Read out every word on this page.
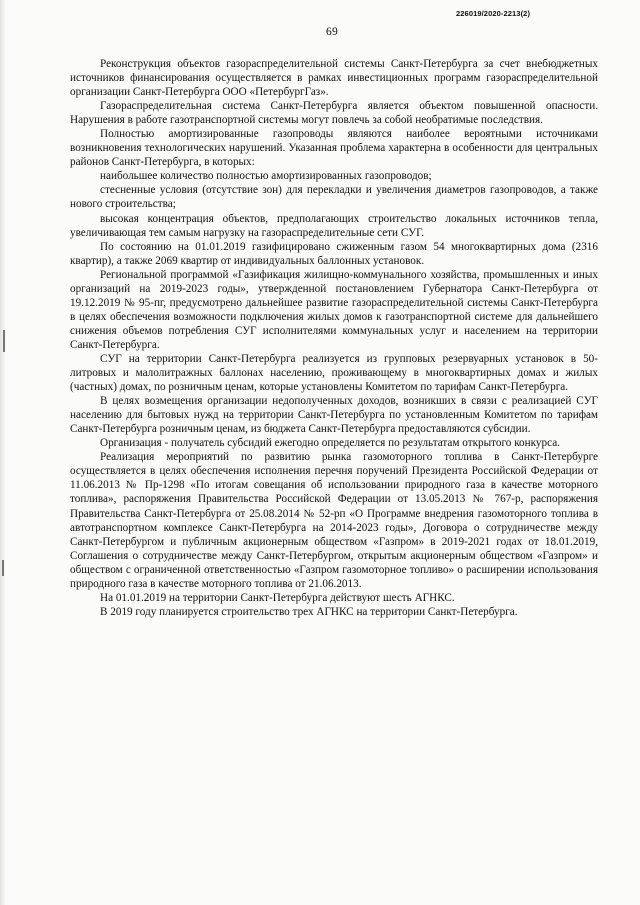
226019/2020-2213(2)
69

Реконструкция объектов газораспределительной системы Санкт-Петербурга за счет внебюджетных источников финансирования осуществляется в рамках инвестиционных программ газораспределительной организации Санкт-Петербурга ООО «ПетербургГаз».

Газораспределительная система Санкт-Петербурга является объектом повышенной опасности. Нарушения в работе газотранспортной системы могут повлечь за собой необратимые последствия.

Полностью амортизированные газопроводы являются наиболее вероятными источниками возникновения технологических нарушений. Указанная проблема характерна в особенности для центральных районов Санкт-Петербурга, в которых:

наибольшее количество полностью амортизированных газопроводов;

стесненные условия (отсутствие зон) для перекладки и увеличения диаметров газопроводов, а также нового строительства;

высокая концентрация объектов, предполагающих строительство локальных источников тепла, увеличивающая тем самым нагрузку на газораспределительные сети СУГ.

По состоянию на 01.01.2019 газифицировано сжиженным газом 54 многоквартирных дома (2316 квартир), а также 2069 квартир от индивидуальных баллонных установок.

Региональной программой «Газификация жилищно-коммунального хозяйства, промышленных и иных организаций на 2019-2023 годы», утвержденной постановлением Губернатора Санкт-Петербурга от 19.12.2019 № 95-пг, предусмотрено дальнейшее развитие газораспределительной системы Санкт-Петербурга в целях обеспечения возможности подключения жилых домов к газотранспортной системе для дальнейшего снижения объемов потребления СУГ исполнителями коммунальных услуг и населением на территории Санкт-Петербурга.

СУГ на территории Санкт-Петербурга реализуется из групповых резервуарных установок в 50-литровых и малолитражных баллонах населению, проживающему в многоквартирных домах и жилых (частных) домах, по розничным ценам, которые установлены Комитетом по тарифам Санкт-Петербурга.

В целях возмещения организации недополученных доходов, возникших в связи с реализацией СУГ населению для бытовых нужд на территории Санкт-Петербурга по установленным Комитетом по тарифам Санкт-Петербурга розничным ценам, из бюджета Санкт-Петербурга предоставляются субсидии.

Организация - получатель субсидий ежегодно определяется по результатам открытого конкурса.

Реализация мероприятий по развитию рынка газомоторного топлива в Санкт-Петербурге осуществляется в целях обеспечения исполнения перечня поручений Президента Российской Федерации от 11.06.2013 № Пр-1298 «По итогам совещания об использовании природного газа в качестве моторного топлива», распоряжения Правительства Российской Федерации от 13.05.2013 № 767-р, распоряжения Правительства Санкт-Петербурга от 25.08.2014 № 52-рп «О Программе внедрения газомоторного топлива в автотранспортном комплексе Санкт-Петербурга на 2014-2023 годы», Договора о сотрудничестве между Санкт-Петербургом и публичным акционерным обществом «Газпром» в 2019-2021 годах от 18.01.2019, Соглашения о сотрудничестве между Санкт-Петербургом, открытым акционерным обществом «Газпром» и обществом с ограниченной ответственностью «Газпром газомоторное топливо» о расширении использования природного газа в качестве моторного топлива от 21.06.2013.

На 01.01.2019 на территории Санкт-Петербурга действуют шесть АГНКС.

В 2019 году планируется строительство трех АГНКС на территории Санкт-Петербурга.
